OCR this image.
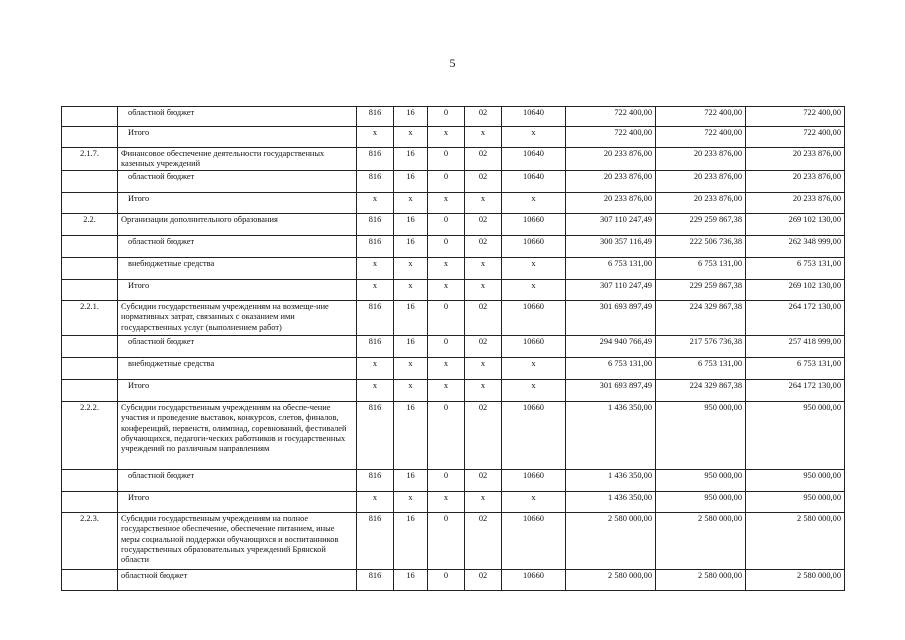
5
	областной бюджет	816	16	0	02	10640	722 400,00	722 400,00	722 400,00
	Итого	x	x	x	x	x	722 400,00	722 400,00	722 400,00
2.1.7.	Финансовое обеспечение деятельности государственных казенных учреждений	816	16	0	02	10640	20 233 876,00	20 233 876,00	20 233 876,00
	областной бюджет	816	16	0	02	10640	20 233 876,00	20 233 876,00	20 233 876,00
	Итого	x	x	x	x	x	20 233 876,00	20 233 876,00	20 233 876,00
2.2.	Организации дополнительного образования	816	16	0	02	10660	307 110 247,49	229 259 867,38	269 102 130,00
	областной бюджет	816	16	0	02	10660	300 357 116,49	222 506 736,38	262 348 999,00
	внебюджетные средства	x	x	x	x	x	6 753 131,00	6 753 131,00	6 753 131,00
	Итого	x	x	x	x	x	307 110 247,49	229 259 867,38	269 102 130,00
2.2.1.	Субсидии государственным учреждениям на возмеще-ние нормативных затрат, связанных с оказанием ими государственных услуг (выполнением работ)	816	16	0	02	10660	301 693 897,49	224 329 867,38	264 172 130,00
	областной бюджет	816	16	0	02	10660	294 940 766,49	217 576 736,38	257 418 999,00
	внебюджетные средства	x	x	x	x	x	6 753 131,00	6 753 131,00	6 753 131,00
	Итого	x	x	x	x	x	301 693 897,49	224 329 867,38	264 172 130,00
2.2.2.	Субсидии государственным учреждениям на обеспе-чение участия и проведение выставок, конкурсов, слетов, финалов, конференций, первенств, олимпиад, соревнований, фестивалей обучающихся, педагоги-ческих работников и государственных учреждений по различным направлениям	816	16	0	02	10660	1 436 350,00	950 000,00	950 000,00
	областной бюджет	816	16	0	02	10660	1 436 350,00	950 000,00	950 000,00
	Итого	x	x	x	x	x	1 436 350,00	950 000,00	950 000,00
2.2.3.	Субсидии государственным учреждениям на полное государственное обеспечение, обеспечение питанием, иные меры социальной поддержки обучающихся и воспитанников государственных образовательных учреждений Брянской области	816	16	0	02	10660	2 580 000,00	2 580 000,00	2 580 000,00
	областной бюджет	816	16	0	02	10660	2 580 000,00	2 580 000,00	2 580 000,00
